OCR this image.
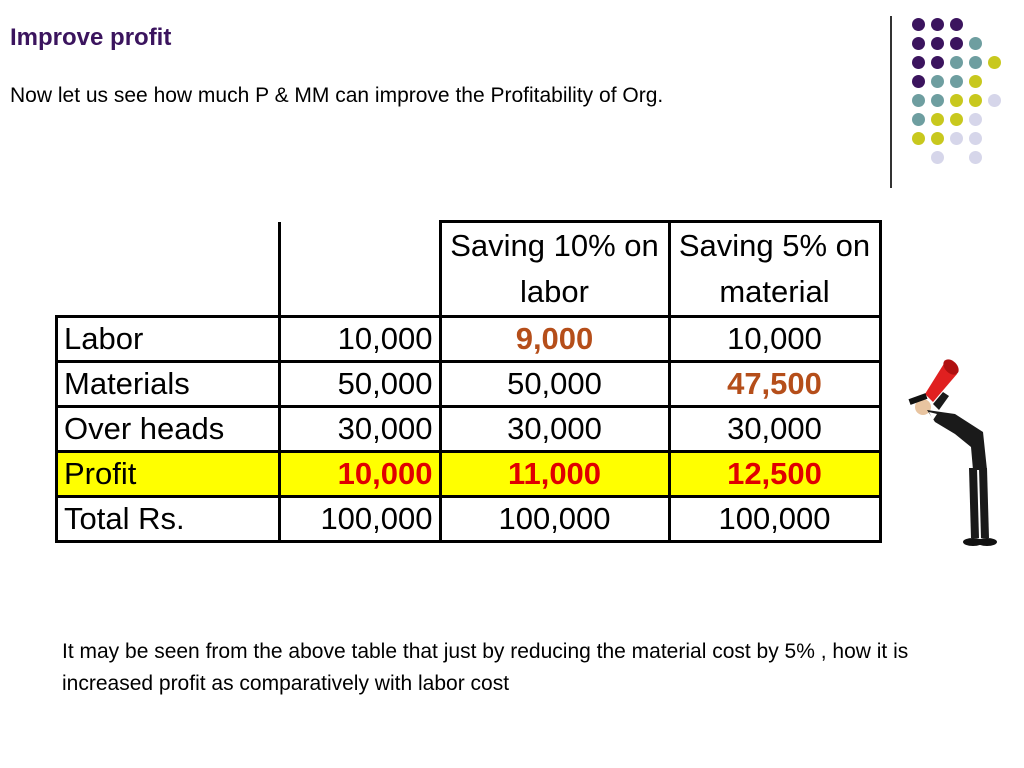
Improve profit
Now let us see how much P & MM can improve the Profitability of Org.
		Saving 10% on labor	Saving 5% on material
Labor	10,000	9,000	10,000
Materials	50,000	50,000	47,500
Over heads	30,000	30,000	30,000
Profit	10,000	11,000	12,500
Total Rs.	100,000	100,000	100,000
It may be seen from the above table that just by reducing the material cost by 5% , how it is increased profit as comparatively with labor cost
